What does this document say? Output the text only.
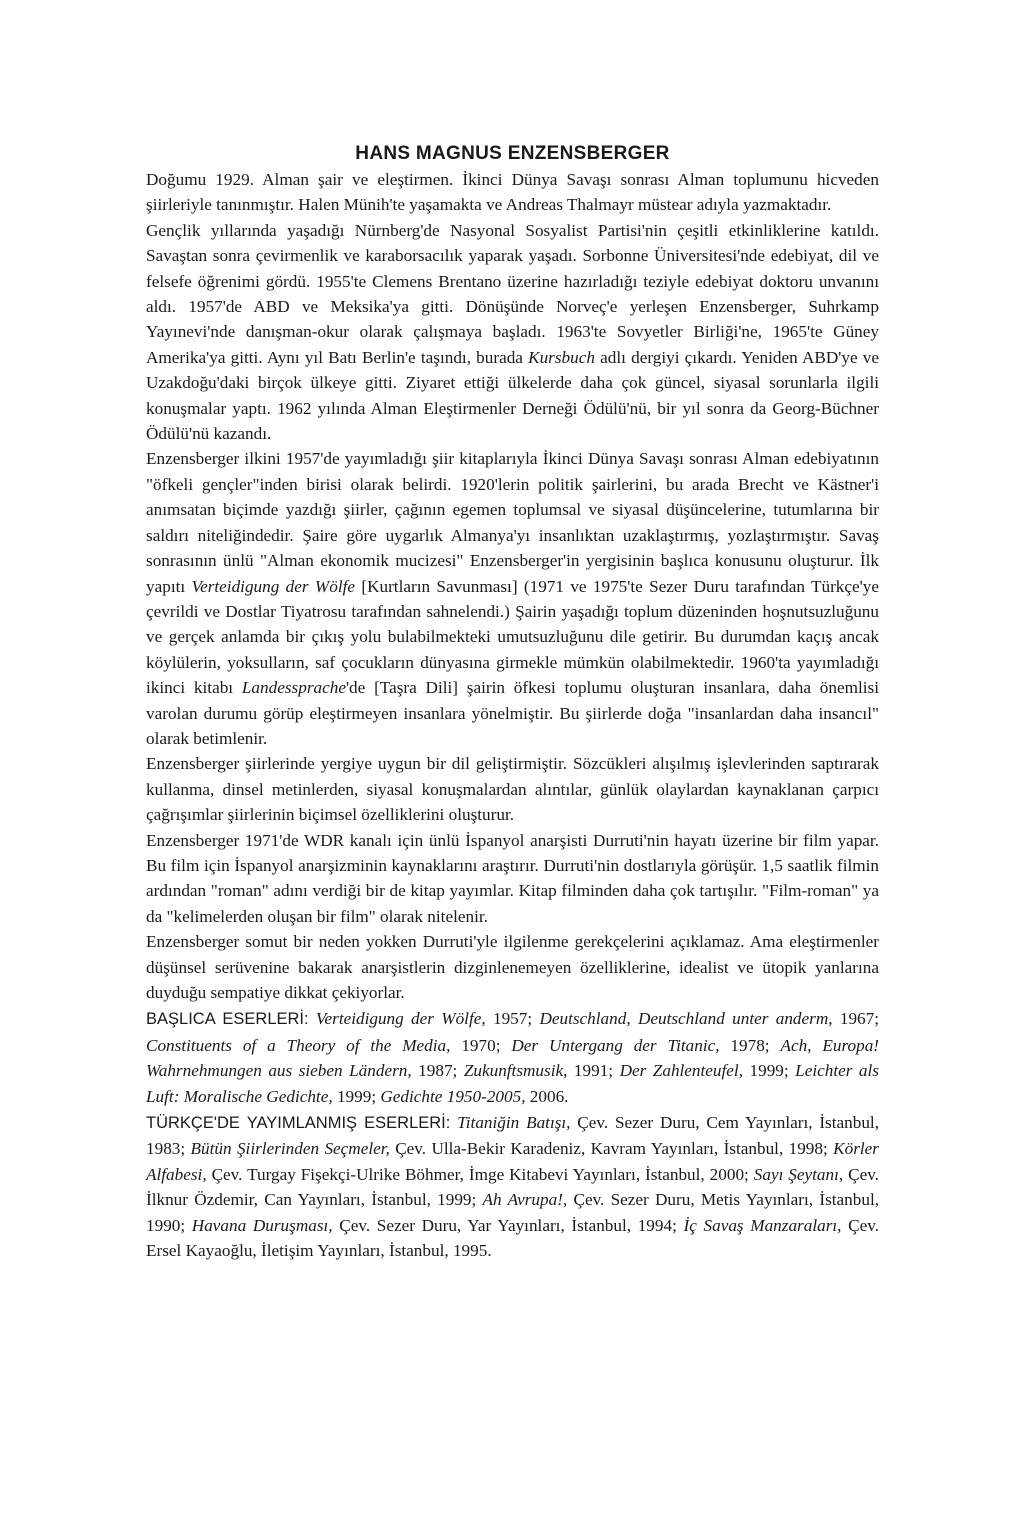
HANS MAGNUS ENZENSBERGER

Doğumu 1929. Alman şair ve eleştirmen. İkinci Dünya Savaşı sonrası Alman toplumunu hicveden şiirleriyle tanınmıştır. Halen Münih'te yaşamakta ve Andreas Thalmayr müstear adıyla yazmaktadır.

Gençlik yıllarında yaşadığı Nürnberg'de Nasyonal Sosyalist Partisi'nin çeşitli etkinliklerine katıldı. Savaştan sonra çevirmenlik ve karaborsacılık yaparak yaşadı. Sorbonne Üniversitesi'nde edebiyat, dil ve felsefe öğrenimi gördü. 1955'te Clemens Brentano üzerine hazırladığı teziyle edebiyat doktoru unvanını aldı. 1957'de ABD ve Meksika'ya gitti. Dönüşünde Norveç'e yerleşen Enzensberger, Suhrkamp Yayınevi'nde danışman-okur olarak çalışmaya başladı. 1963'te Sovyetler Birliği'ne, 1965'te Güney Amerika'ya gitti. Aynı yıl Batı Berlin'e taşındı, burada Kursbuch adlı dergiyi çıkardı. Yeniden ABD'ye ve Uzakdoğu'daki birçok ülkeye gitti. Ziyaret ettiği ülkelerde daha çok güncel, siyasal sorunlarla ilgili konuşmalar yaptı. 1962 yılında Alman Eleştirmenler Derneği Ödülü'nü, bir yıl sonra da Georg-Büchner Ödülü'nü kazandı.

Enzensberger ilkini 1957'de yayımladığı şiir kitaplarıyla İkinci Dünya Savaşı sonrası Alman edebiyatının "öfkeli gençler"inden birisi olarak belirdi. 1920'lerin politik şairlerini, bu arada Brecht ve Kästner'i anımsatan biçimde yazdığı şiirler, çağının egemen toplumsal ve siyasal düşüncelerine, tutumlarına bir saldırı niteliğindedir. Şaire göre uygarlık Almanya'yı insanlıktan uzaklaştırmış, yozlaştırmıştır. Savaş sonrasının ünlü "Alman ekonomik mucizesi" Enzensberger'in yergisinin başlıca konusunu oluşturur. İlk yapıtı Verteidigung der Wölfe [Kurtların Savunması] (1971 ve 1975'te Sezer Duru tarafından Türkçe'ye çevrildi ve Dostlar Tiyatrosu tarafından sahnelendi.) Şairin yaşadığı toplum düzeninden hoşnutsuzluğunu ve gerçek anlamda bir çıkış yolu bulabilmekteki umutsuzluğunu dile getirir. Bu durumdan kaçış ancak köylülerin, yoksulların, saf çocukların dünyasına girmekle mümkün olabilmektedir. 1960'ta yayımladığı ikinci kitabı Landessprache'de [Taşra Dili] şairin öfkesi toplumu oluşturan insanlara, daha önemlisi varolan durumu görüp eleştirmeyen insanlara yönelmiştir. Bu şiirlerde doğa "insanlardan daha insancıl" olarak betimlenir.

Enzensberger şiirlerinde yergiye uygun bir dil geliştirmiştir. Sözcükleri alışılmış işlevlerinden saptırarak kullanma, dinsel metinlerden, siyasal konuşmalardan alıntılar, günlük olaylardan kaynaklanan çarpıcı çağrışımlar şiirlerinin biçimsel özelliklerini oluşturur.

Enzensberger 1971'de WDR kanalı için ünlü İspanyol anarşisti Durruti'nin hayatı üzerine bir film yapar. Bu film için İspanyol anarşizminin kaynaklarını araştırır. Durruti'nin dostlarıyla görüşür. 1,5 saatlik filmin ardından "roman" adını verdiği bir de kitap yayımlar. Kitap filminden daha çok tartışılır. "Film-roman" ya da "kelimelerden oluşan bir film" olarak nitelenir.

Enzensberger somut bir neden yokken Durruti'yle ilgilenme gerekçelerini açıklamaz. Ama eleştirmenler düşünsel serüvenine bakarak anarşistlerin dizginlenemeyen özelliklerine, idealist ve ütopik yanlarına duyduğu sempatiye dikkat çekiyorlar.

BAŞLICA ESERLERİ: Verteidigung der Wölfe, 1957; Deutschland, Deutschland unter anderm, 1967; Constituents of a Theory of the Media, 1970; Der Untergang der Titanic, 1978; Ach, Europa! Wahrnehmungen aus sieben Ländern, 1987; Zukunftsmusik, 1991; Der Zahlenteufel, 1999; Leichter als Luft: Moralische Gedichte, 1999; Gedichte 1950-2005, 2006.

TÜRKÇE'DE YAYIMLANMIŞ ESERLERİ: Titaniğin Batışı, Çev. Sezer Duru, Cem Yayınları, İstanbul, 1983; Bütün Şiirlerinden Seçmeler, Çev. Ulla-Bekir Karadeniz, Kavram Yayınları, İstanbul, 1998; Körler Alfabesi, Çev. Turgay Fişekçi-Ulrike Böhmer, İmge Kitabevi Yayınları, İstanbul, 2000; Sayı Şeytanı, Çev. İlknur Özdemir, Can Yayınları, İstanbul, 1999; Ah Avrupa!, Çev. Sezer Duru, Metis Yayınları, İstanbul, 1990; Havana Duruşması, Çev. Sezer Duru, Yar Yayınları, İstanbul, 1994; İç Savaş Manzaraları, Çev. Ersel Kayaoğlu, İletişim Yayınları, İstanbul, 1995.
